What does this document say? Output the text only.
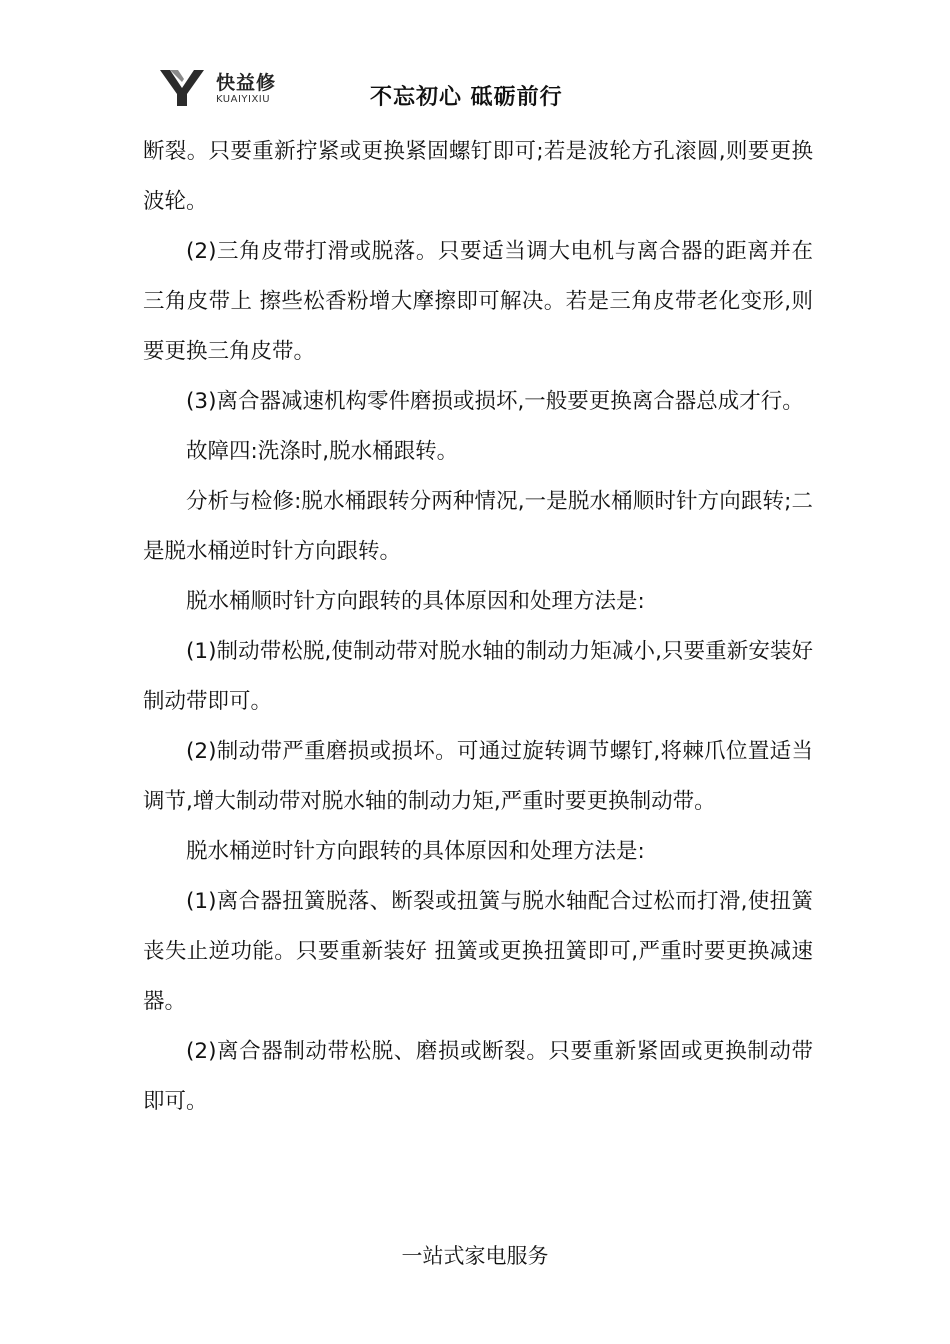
快益修
KUAIYIXIU	不忘初心 砥砺前行

断裂。只要重新拧紧或更换紧固螺钉即可;若是波轮方孔滚圆,则要更换波轮。

(2)三角皮带打滑或脱落。只要适当调大电机与离合器的距离并在三角皮带上 擦些松香粉增大摩擦即可解决。若是三角皮带老化变形,则要更换三角皮带。

(3)离合器减速机构零件磨损或损坏,一般要更换离合器总成才行。

故障四:洗涤时,脱水桶跟转。

分析与检修:脱水桶跟转分两种情况,一是脱水桶顺时针方向跟转;二是脱水桶逆时针方向跟转。

脱水桶顺时针方向跟转的具体原因和处理方法是:

(1)制动带松脱,使制动带对脱水轴的制动力矩减小,只要重新安装好制动带即可。

(2)制动带严重磨损或损坏。可通过旋转调节螺钉,将棘爪位置适当调节,增大制动带对脱水轴的制动力矩,严重时要更换制动带。

脱水桶逆时针方向跟转的具体原因和处理方法是:

(1)离合器扭簧脱落、断裂或扭簧与脱水轴配合过松而打滑,使扭簧丧失止逆功能。只要重新装好 扭簧或更换扭簧即可,严重时要更换减速器。

(2)离合器制动带松脱、磨损或断裂。只要重新紧固或更换制动带即可。

一站式家电服务
